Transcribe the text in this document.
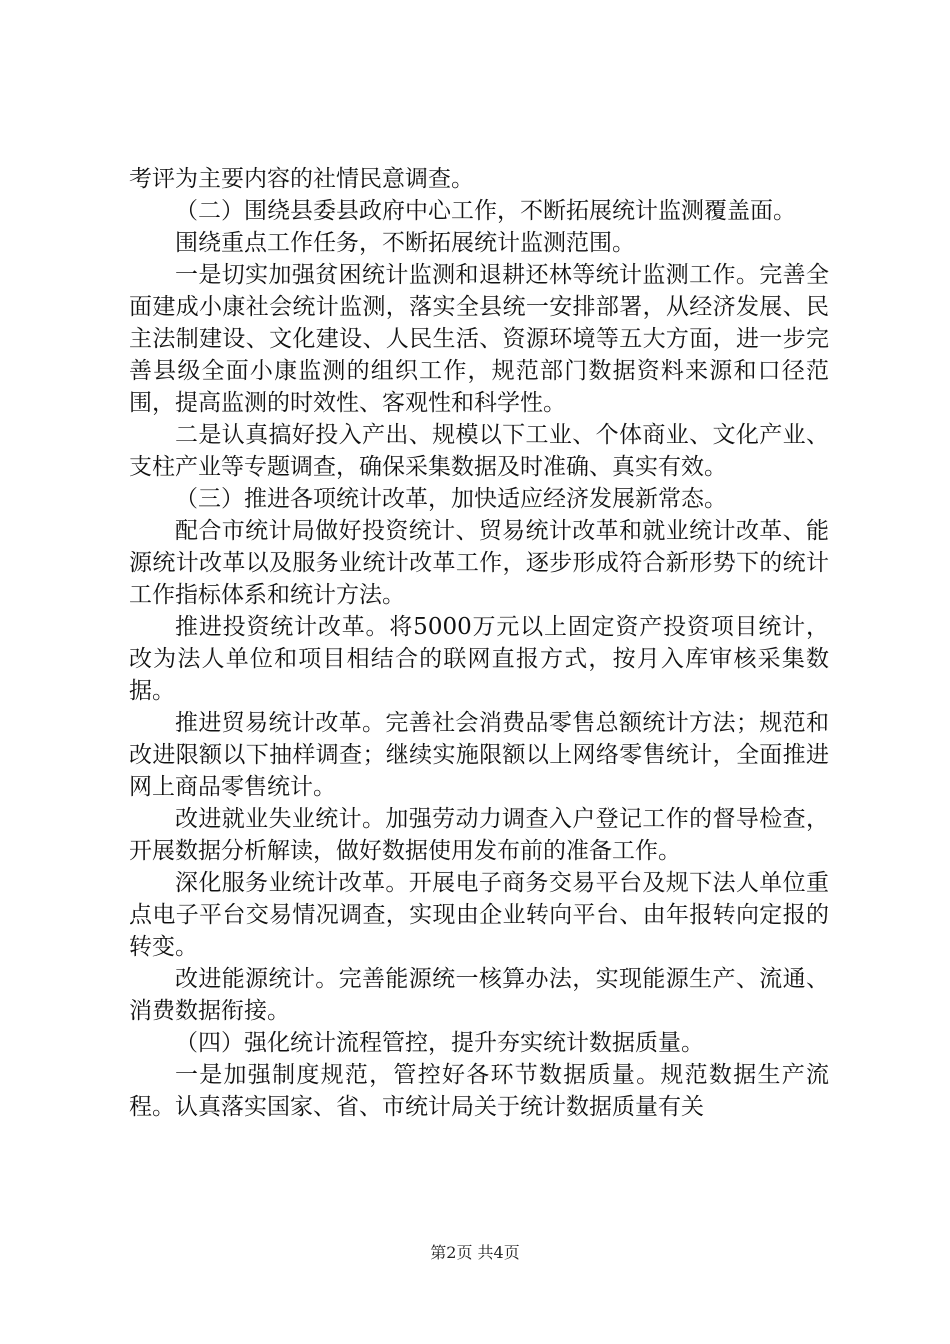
考评为主要内容的社情民意调查。

（二）围绕县委县政府中心工作，不断拓展统计监测覆盖面。

围绕重点工作任务，不断拓展统计监测范围。

一是切实加强贫困统计监测和退耕还林等统计监测工作。完善全面建成小康社会统计监测，落实全县统一安排部署，从经济发展、民主法制建设、文化建设、人民生活、资源环境等五大方面，进一步完善县级全面小康监测的组织工作，规范部门数据资料来源和口径范围，提高监测的时效性、客观性和科学性。

二是认真搞好投入产出、规模以下工业、个体商业、文化产业、支柱产业等专题调查，确保采集数据及时准确、真实有效。

（三）推进各项统计改革，加快适应经济发展新常态。

配合市统计局做好投资统计、贸易统计改革和就业统计改革、能源统计改革以及服务业统计改革工作，逐步形成符合新形势下的统计工作指标体系和统计方法。

推进投资统计改革。将5000万元以上固定资产投资项目统计，改为法人单位和项目相结合的联网直报方式，按月入库审核采集数据。

推进贸易统计改革。完善社会消费品零售总额统计方法；规范和改进限额以下抽样调查；继续实施限额以上网络零售统计，全面推进网上商品零售统计。

改进就业失业统计。加强劳动力调查入户登记工作的督导检查，开展数据分析解读，做好数据使用发布前的准备工作。

深化服务业统计改革。开展电子商务交易平台及规下法人单位重点电子平台交易情况调查，实现由企业转向平台、由年报转向定报的转变。

改进能源统计。完善能源统一核算办法，实现能源生产、流通、消费数据衔接。

（四）强化统计流程管控，提升夯实统计数据质量。

一是加强制度规范，管控好各环节数据质量。规范数据生产流程。认真落实国家、省、市统计局关于统计数据质量有关

第2页 共4页
